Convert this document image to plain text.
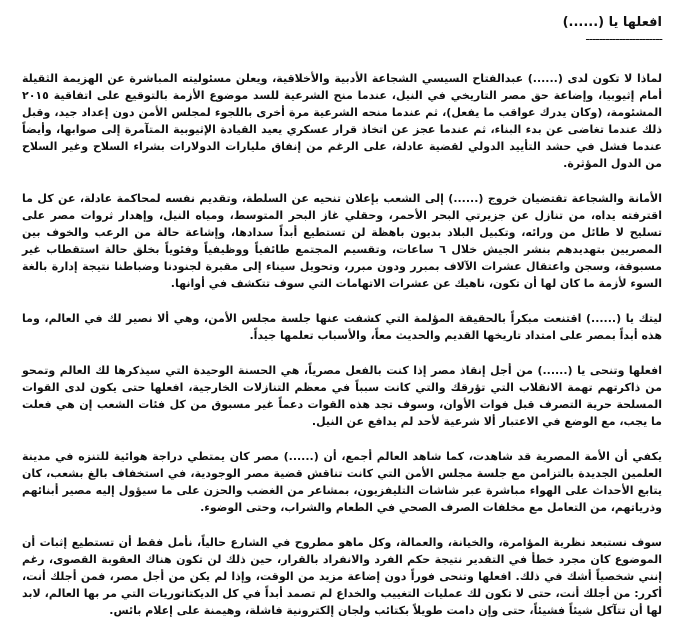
افعلها يا (......)
-----------------------

لماذا لا تكون لدى (......) عبدالفتاح السيسي الشجاعة الأدبية والأخلاقية، ويعلن مسئوليته المباشرة عن الهزيمة الثقيلة أمام إثيوبيا، وإضاعة حق مصر التاريخي في النيل، عندما منح الشرعية للسد موضوع الأزمة بالتوقيع على اتفاقية ٢٠١٥ المشئومة، (وكان يدرك عواقب ما يفعل)، ثم عندما منحه الشرعية مرة أخرى باللجوء لمجلس الأمن دون إعداد جيد، وقبل ذلك عندما تغاضى عن بدء البناء، ثم عندما عجز عن اتخاذ قرار عسكري يعيد القيادة الإثيوبية المتآمرة إلى صوابها، وأيضاً عندما فشل في حشد التأييد الدولي لقضية عادلة، على الرغم من إنفاق مليارات الدولارات بشراء السلاح وغير السلاح من الدول المؤثرة.

الأمانة والشجاعة تقتضيان خروج (......) إلى الشعب بإعلان تنحيه عن السلطة، وتقديم نفسه لمحاكمة عادلة، عن كل ما اقترفته يداه، من تنازل عن جزيرتي البحر الأحمر، وحقلي غاز البحر المتوسط، ومياه النيل، وإهدار ثروات مصر على تسليح لا طائل من ورائه، وتكبيل البلاد بديون باهظة لن تستطيع أبداً سدادها، وإشاعة حالة من الرعب والخوف بين المصريين بتهديدهم بنشر الجيش خلال ٦ ساعات، وتقسيم المجتمع طائفياً ووظيفياً وفئوياً بخلق حالة استقطاب غير مسبوقة، وسجن واعتقال عشرات الآلاف بمبرر ودون مبرر، وتحويل سيناء إلى مقبرة لجنودنا وضباطنا نتيجة إدارة بالغة السوء لأزمة ما كان لها أن تكون، ناهيك عن عشرات الاتهامات التي سوف تتكشف في أوانها.

ليتك يا (......) اقتنعت مبكراً بالحقيقة المؤلمة التي كشفت عنها جلسة مجلس الأمن، وهي ألا نصير لك في العالم، وما هذه أبداً بمصر على امتداد تاريخها القديم والحديث معاً، والأسباب تعلمها جيداً.

افعلها وتنحى يا (......) من أجل إنقاذ مصر إذا كنت بالفعل مصرياً، هي الحسنة الوحيدة التي سيذكرها لك العالم وتمحو من ذاكرتهم تهمة الانقلاب التي تؤرقك والتي كانت سبباً في معظم التنازلات الخارجية، افعلها حتى يكون لدى القوات المسلحة حرية التصرف قبل فوات الأوان، وسوف تجد هذه القوات دعماً غير مسبوق من كل فئات الشعب إن هي فعلت ما يجب، مع الوضع في الاعتبار ألا شرعية لأحد لم يدافع عن النيل.

يكفي أن الأمة المصرية قد شاهدت، كما شاهد العالم أجمع، أن (......) مصر كان يمتطي دراجة هوائية للتنزه في مدينة العلمين الجديدة بالتزامن مع جلسة مجلس الأمن التي كانت تناقش قضية مصر الوجودية، في استخفاف بالغ بشعب، كان يتابع الأحداث على الهواء مباشرة عبر شاشات التليفزيون، بمشاعر من الغضب والحزن على ما سيؤول إليه مصير أبنائهم وذرياتهم، من التعامل مع مخلفات الصرف الصحي في الطعام والشراب، وحتى الوضوء.

سوف نستبعد نظرية المؤامرة، والخيانة، والعمالة، وكل ماهو مطروح في الشارع حالياً، نأمل فقط أن تستطيع إثبات أن الموضوع كان مجرد خطأ في التقدير نتيجة حكم الفرد والانفراد بالقرار، حين ذلك لن تكون هناك العقوبة القصوى، رغم إنني شخصياً أشك في ذلك. افعلها وتنحى فوراً دون إضاعة مزيد من الوقت، وإذا لم يكن من أجل مصر، فمن أجلك أنت، أكرر: من أجلك أنت، حتى لا تكون لك عمليات التغييب والخداع لم تصمد أبداً في كل الديكتاتوريات التي مر بها العالم، لابد لها أن تتآكل شيئاً فشيئاً، حتى وإن دامت طويلاً بكتائب ولجان إلكترونية فاشلة، وهيمنة على إعلام بائس.
